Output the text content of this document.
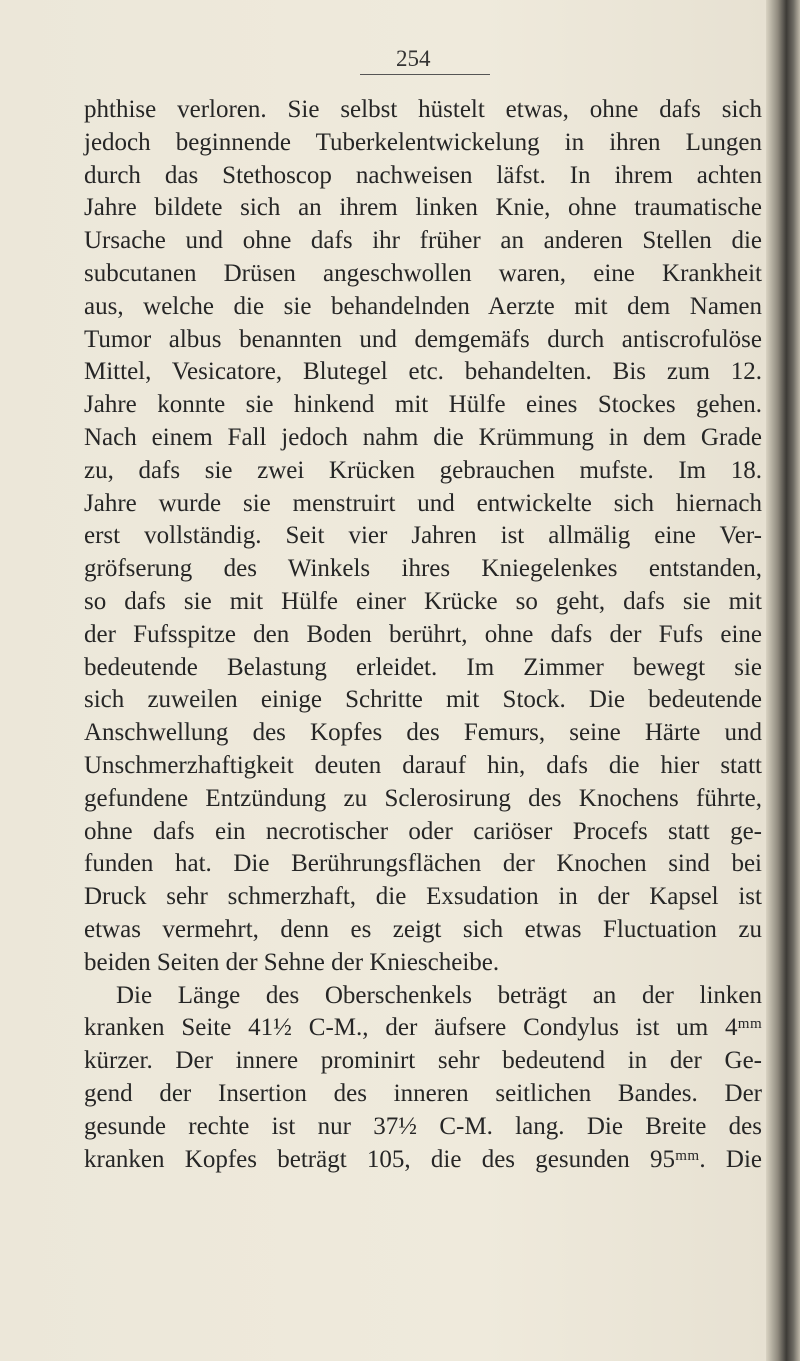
254
phthise verloren. Sie selbst hüstelt etwas, ohne dafs sich
jedoch beginnende Tuberkelentwickelung in ihren Lungen
durch das Stethoscop nachweisen läfst. In ihrem achten
Jahre bildete sich an ihrem linken Knie, ohne traumatische
Ursache und ohne dafs ihr früher an anderen Stellen die
subcutanen Drüsen angeschwollen waren, eine Krankheit
aus, welche die sie behandelnden Aerzte mit dem Namen
Tumor albus benannten und demgemäfs durch antiscrofulöse
Mittel, Vesicatore, Blutegel etc. behandelten. Bis zum 12.
Jahre konnte sie hinkend mit Hülfe eines Stockes gehen.
Nach einem Fall jedoch nahm die Krümmung in dem Grade
zu, dafs sie zwei Krücken gebrauchen mufste. Im 18.
Jahre wurde sie menstruirt und entwickelte sich hiernach
erst vollständig. Seit vier Jahren ist allmälig eine Ver-
gröfserung des Winkels ihres Kniegelenkes entstanden,
so dafs sie mit Hülfe einer Krücke so geht, dafs sie mit
der Fufsspitze den Boden berührt, ohne dafs der Fufs eine
bedeutende Belastung erleidet. Im Zimmer bewegt sie
sich zuweilen einige Schritte mit Stock. Die bedeutende
Anschwellung des Kopfes des Femurs, seine Härte und
Unschmerzhaftigkeit deuten darauf hin, dafs die hier statt
gefundene Entzündung zu Sclerosirung des Knochens führte,
ohne dafs ein necrotischer oder cariöser Procefs statt ge-
funden hat. Die Berührungsflächen der Knochen sind bei
Druck sehr schmerzhaft, die Exsudation in der Kapsel ist
etwas vermehrt, denn es zeigt sich etwas Fluctuation zu
beiden Seiten der Sehne der Kniescheibe.
Die Länge des Oberschenkels beträgt an der linken
kranken Seite 41½ C-M., der äufsere Condylus ist um 4ᵐᵐ
kürzer. Der innere prominirt sehr bedeutend in der Ge-
gend der Insertion des inneren seitlichen Bandes. Der
gesunde rechte ist nur 37½ C-M. lang. Die Breite des
kranken Kopfes beträgt 105, die des gesunden 95ᵐᵐ. Die
